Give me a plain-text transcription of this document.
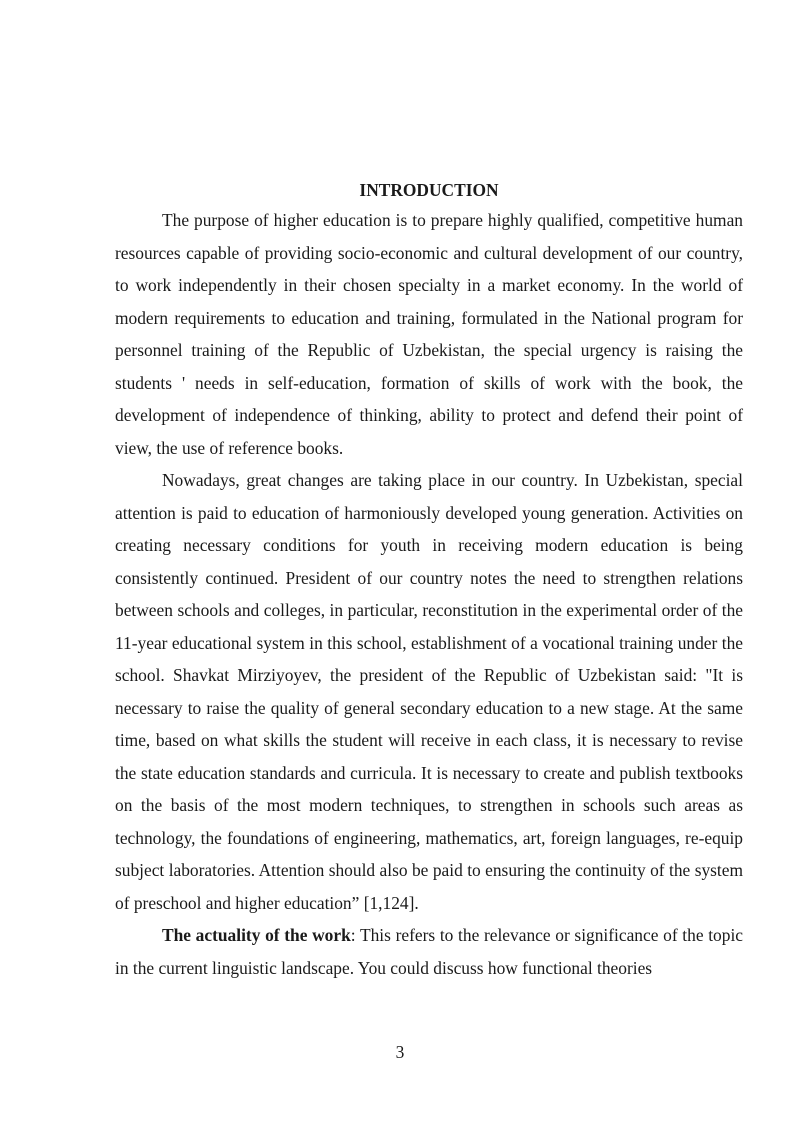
INTRODUCTION

The purpose of higher education is to prepare highly qualified, competitive human resources capable of providing socio-economic and cultural development of our country, to work independently in their chosen specialty in a market economy. In the world of modern requirements to education and training, formulated in the National program for personnel training of the Republic of Uzbekistan, the special urgency is raising the students ' needs in self-education, formation of skills of work with the book, the development of independence of thinking, ability to protect and defend their point of view, the use of reference books.

Nowadays, great changes are taking place in our country. In Uzbekistan, special attention is paid to education of harmoniously developed young generation. Activities on creating necessary conditions for youth in receiving modern education is being consistently continued. President of our country notes the need to strengthen relations between schools and colleges, in particular, reconstitution in the experimental order of the 11-year educational system in this school, establishment of a vocational training under the school. Shavkat Mirziyoyev, the president of the Republic of Uzbekistan said: "It is necessary to raise the quality of general secondary education to a new stage. At the same time, based on what skills the student will receive in each class, it is necessary to revise the state education standards and curricula. It is necessary to create and publish textbooks on the basis of the most modern techniques, to strengthen in schools such areas as technology, the foundations of engineering, mathematics, art, foreign languages, re-equip subject laboratories. Attention should also be paid to ensuring the continuity of the system of preschool and higher education” [1,124].

The actuality of the work: This refers to the relevance or significance of the topic in the current linguistic landscape. You could discuss how functional theories

3
